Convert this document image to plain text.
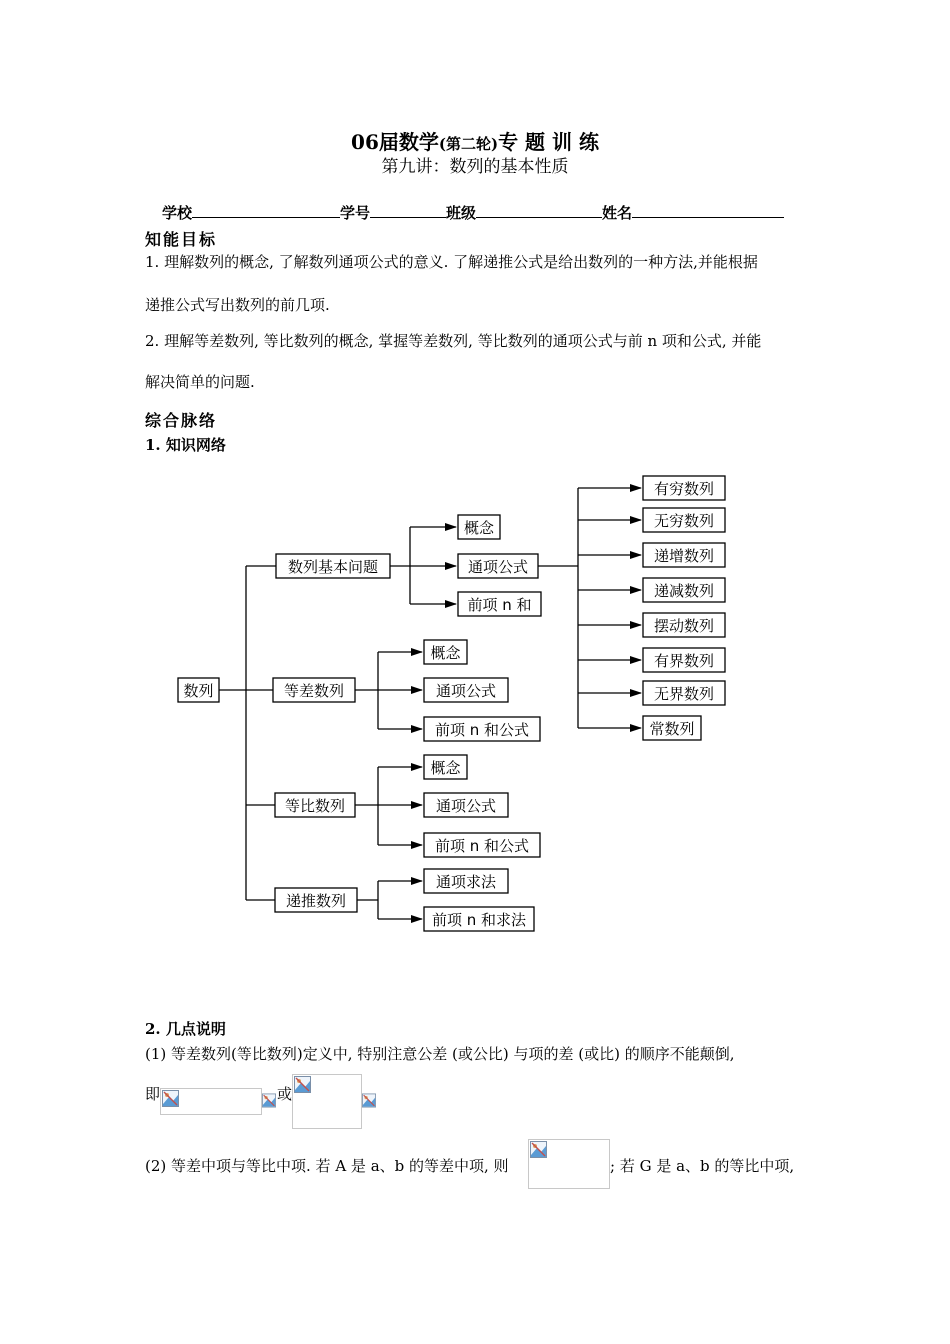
06届数学(第二轮)专 题 训 练
第九讲：数列的基本性质
学校	学号	班级	姓名
知能目标
1. 理解数列的概念, 了解数列通项公式的意义. 了解递推公式是给出数列的一种方法,并能根据
递推公式写出数列的前几项.
2. 理解等差数列, 等比数列的概念, 掌握等差数列, 等比数列的通项公式与前 n 项和公式, 并能
解决简单的问题.
综合脉络
1. 知识网络
数列
数列基本问题
等差数列
等比数列
递推数列
概念
通项公式
前项 n 和
有穷数列
无穷数列
递增数列
递减数列
摆动数列
有界数列
无界数列
常数列
概念
通项公式
前项 n 和公式
概念
通项公式
前项 n 和公式
通项求法
前项 n 和求法
2. 几点说明
(1) 等差数列(等比数列)定义中, 特别注意公差 (或公比) 与项的差 (或比) 的顺序不能颠倒,
即	或
(2) 等差中项与等比中项. 若 A 是 a、b 的等差中项, 则	; 若 G 是 a、b 的等比中项,
